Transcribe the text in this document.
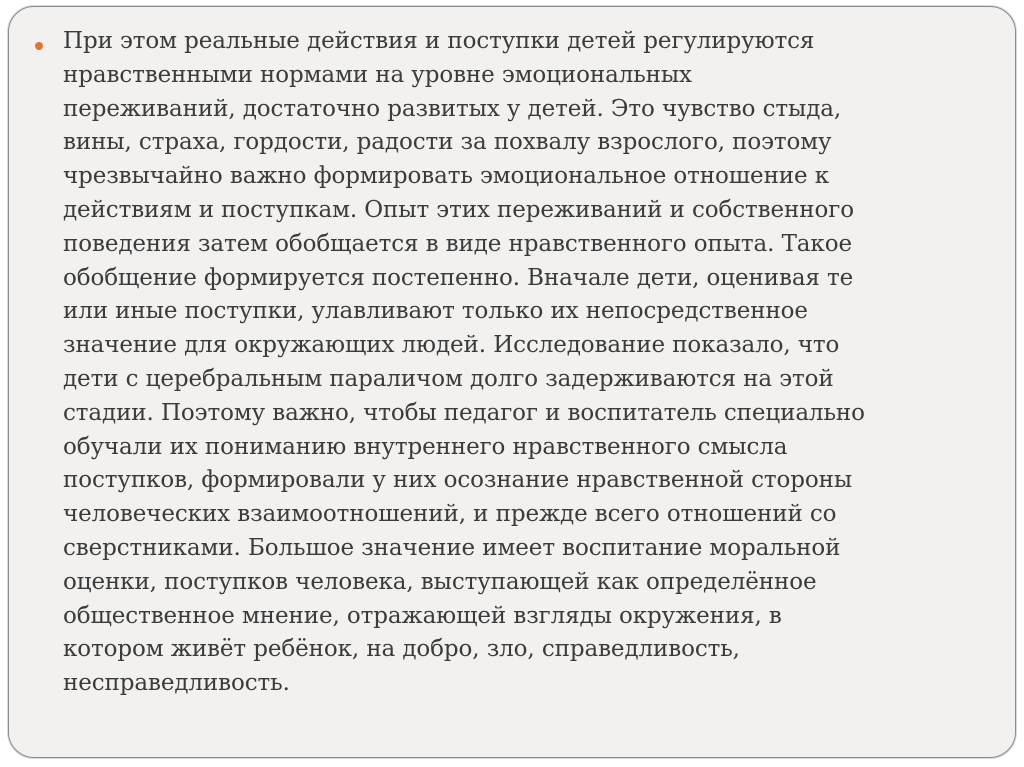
При этом реальные действия и поступки детей регулируются
нравственными нормами на уровне эмоциональных
переживаний, достаточно развитых у детей. Это чувство стыда,
вины, страха, гордости, радости за похвалу взрослого, поэтому
чрезвычайно важно формировать эмоциональное отношение к
действиям и поступкам. Опыт этих переживаний и собственного
поведения затем обобщается в виде нравственного опыта. Такое
обобщение формируется постепенно. Вначале дети, оценивая те
или иные поступки, улавливают только их непосредственное
значение для окружающих людей. Исследование показало, что
дети с церебральным параличом долго задерживаются на этой
стадии. Поэтому важно, чтобы педагог и воспитатель специально
обучали их пониманию внутреннего нравственного смысла
поступков, формировали у них осознание нравственной стороны
человеческих взаимоотношений, и прежде всего отношений со
сверстниками. Большое значение имеет воспитание моральной
оценки, поступков человека, выступающей как определённое
общественное мнение, отражающей взгляды окружения, в
котором живёт ребёнок, на добро, зло, справедливость,
несправедливость.
